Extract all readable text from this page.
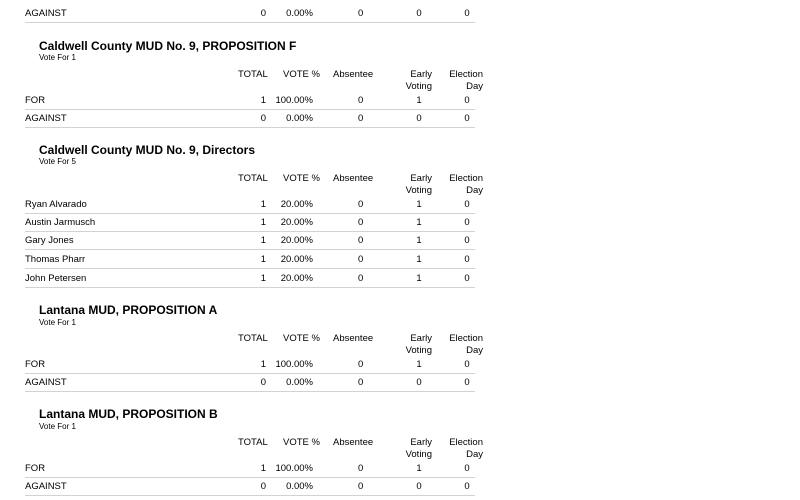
AGAINST	0 0.00%	0	0	0
Caldwell County MUD No. 9, PROPOSITION F
Vote For 1
TOTAL VOTE % Absentee	Early
Voting
Election
Day
FOR	1 100.00%	0	1	0
AGAINST	0 0.00%	0	0	0
Caldwell County MUD No. 9, Directors
Vote For 5
TOTAL VOTE % Absentee	Early
Voting
Election
Day
Ryan Alvarado	1 20.00%	0	1	0
Austin Jarmusch	1 20.00%	0	1	0
Gary Jones	1 20.00%	0	1	0
Thomas Pharr	1 20.00%	0	1	0
John Petersen	1 20.00%	0	1	0
Lantana MUD, PROPOSITION A
Vote For 1
TOTAL VOTE % Absentee	Early
Voting
Election
Day
FOR	1 100.00%	0	1	0
AGAINST	0 0.00%	0	0	0
Lantana MUD, PROPOSITION B
Vote For 1
TOTAL VOTE % Absentee	Early
Voting
Election
Day
FOR	1 100.00%	0	1	0
AGAINST	0 0.00%	0	0	0
